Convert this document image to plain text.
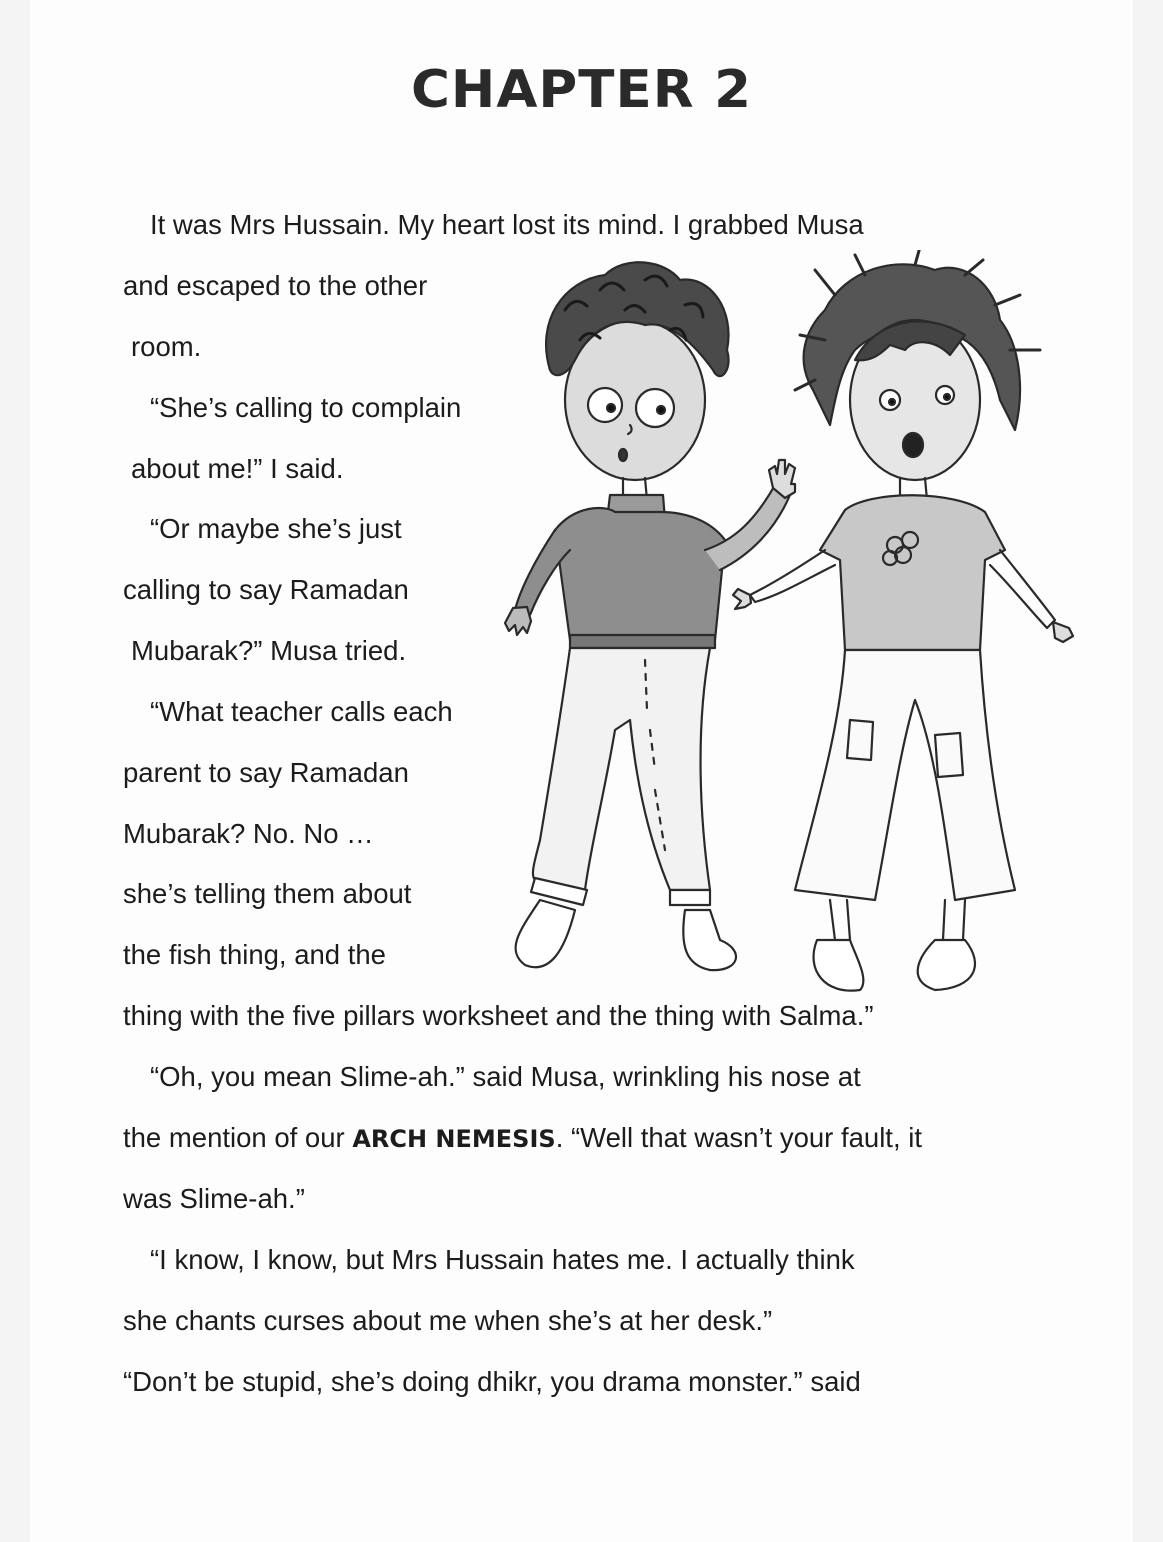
CHAPTER 2
It was Mrs Hussain. My heart lost its mind. I grabbed Musa
and escaped to the other
room.
“She’s calling to complain
about me!” I said.
“Or maybe she’s just
calling to say Ramadan
Mubarak?” Musa tried.
“What teacher calls each
parent to say Ramadan
Mubarak? No. No …
she’s telling them about
the fish thing, and the
thing with the five pillars worksheet and the thing with Salma.”
“Oh, you mean Slime-ah.” said Musa, wrinkling his nose at
the mention of our ARCH NEMESIS. “Well that wasn’t your fault, it
was Slime-ah.”
“I know, I know, but Mrs Hussain hates me. I actually think
she chants curses about me when she’s at her desk.”
“Don’t be stupid, she’s doing dhikr, you drama monster.” said
